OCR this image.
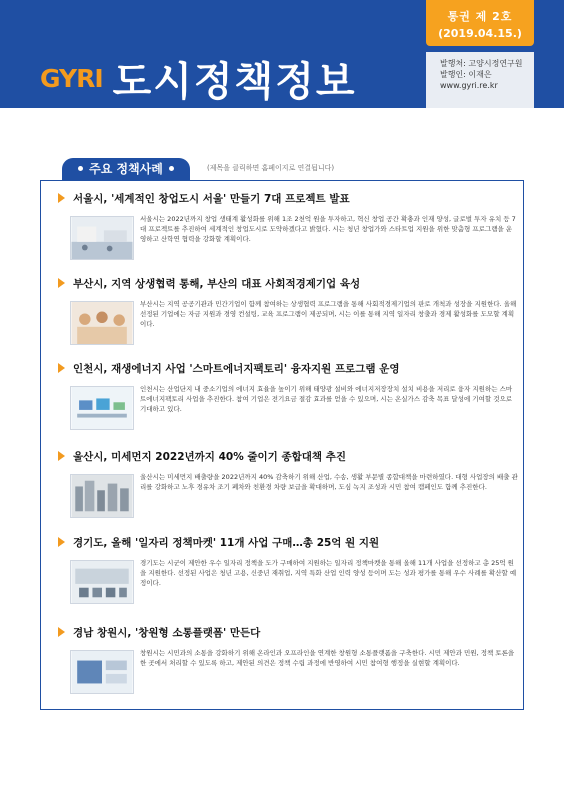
GYRI 도시정책정보
통권 제 2호
(2019.04.15.)
발행처: 고양시정연구원
발행인: 이재은
www.gyri.re.kr
주요 정책사례	(제목을 클릭하면 홈페이지로 연결됩니다)
서울시, '세계적인 창업도시 서울' 만들기 7대 프로젝트 발표
서울시는 2022년까지 창업 생태계 활성화를 위해 1조 2천억 원을 투자하고, 혁신 창업 공간 확충과 인재 양성, 글로벌 투자 유치 등 7대 프로젝트를 추진하여 세계적인 창업도시로 도약하겠다고 밝혔다. 시는 청년 창업가와 스타트업 지원을 위한 맞춤형 프로그램을 운영하고 산학연 협력을 강화할 계획이다.
부산시, 지역 상생협력 통해, 부산의 대표 사회적경제기업 육성
부산시는 지역 공공기관과 민간기업이 함께 참여하는 상생협력 프로그램을 통해 사회적경제기업의 판로 개척과 성장을 지원한다. 올해 선정된 기업에는 자금 지원과 경영 컨설팅, 교육 프로그램이 제공되며, 시는 이를 통해 지역 일자리 창출과 경제 활성화를 도모할 계획이다.
인천시, 재생에너지 사업 '스마트에너지팩토리' 융자지원 프로그램 운영
인천시는 산업단지 내 중소기업의 에너지 효율을 높이기 위해 태양광 설비와 에너지저장장치 설치 비용을 저리로 융자 지원하는 스마트에너지팩토리 사업을 추진한다. 참여 기업은 전기요금 절감 효과를 얻을 수 있으며, 시는 온실가스 감축 목표 달성에 기여할 것으로 기대하고 있다.
울산시, 미세먼지 2022년까지 40% 줄이기 종합대책 추진
울산시는 미세먼지 배출량을 2022년까지 40% 감축하기 위해 산업, 수송, 생활 부문별 종합대책을 마련하였다. 대형 사업장의 배출 관리를 강화하고 노후 경유차 조기 폐차와 친환경 차량 보급을 확대하며, 도심 녹지 조성과 시민 참여 캠페인도 함께 추진한다.
경기도, 올해 '일자리 정책마켓' 11개 사업 구매…총 25억 원 지원
경기도는 시군이 제안한 우수 일자리 정책을 도가 구매하여 지원하는 일자리 정책마켓을 통해 올해 11개 사업을 선정하고 총 25억 원을 지원한다. 선정된 사업은 청년 고용, 신중년 재취업, 지역 특화 산업 인력 양성 등이며 도는 성과 평가를 통해 우수 사례를 확산할 예정이다.
경남 창원시, '창원형 소통플랫폼' 만든다
창원시는 시민과의 소통을 강화하기 위해 온라인과 오프라인을 연계한 창원형 소통플랫폼을 구축한다. 시민 제안과 민원, 정책 토론을 한 곳에서 처리할 수 있도록 하고, 제안된 의견은 정책 수립 과정에 반영하여 시민 참여형 행정을 실현할 계획이다.
